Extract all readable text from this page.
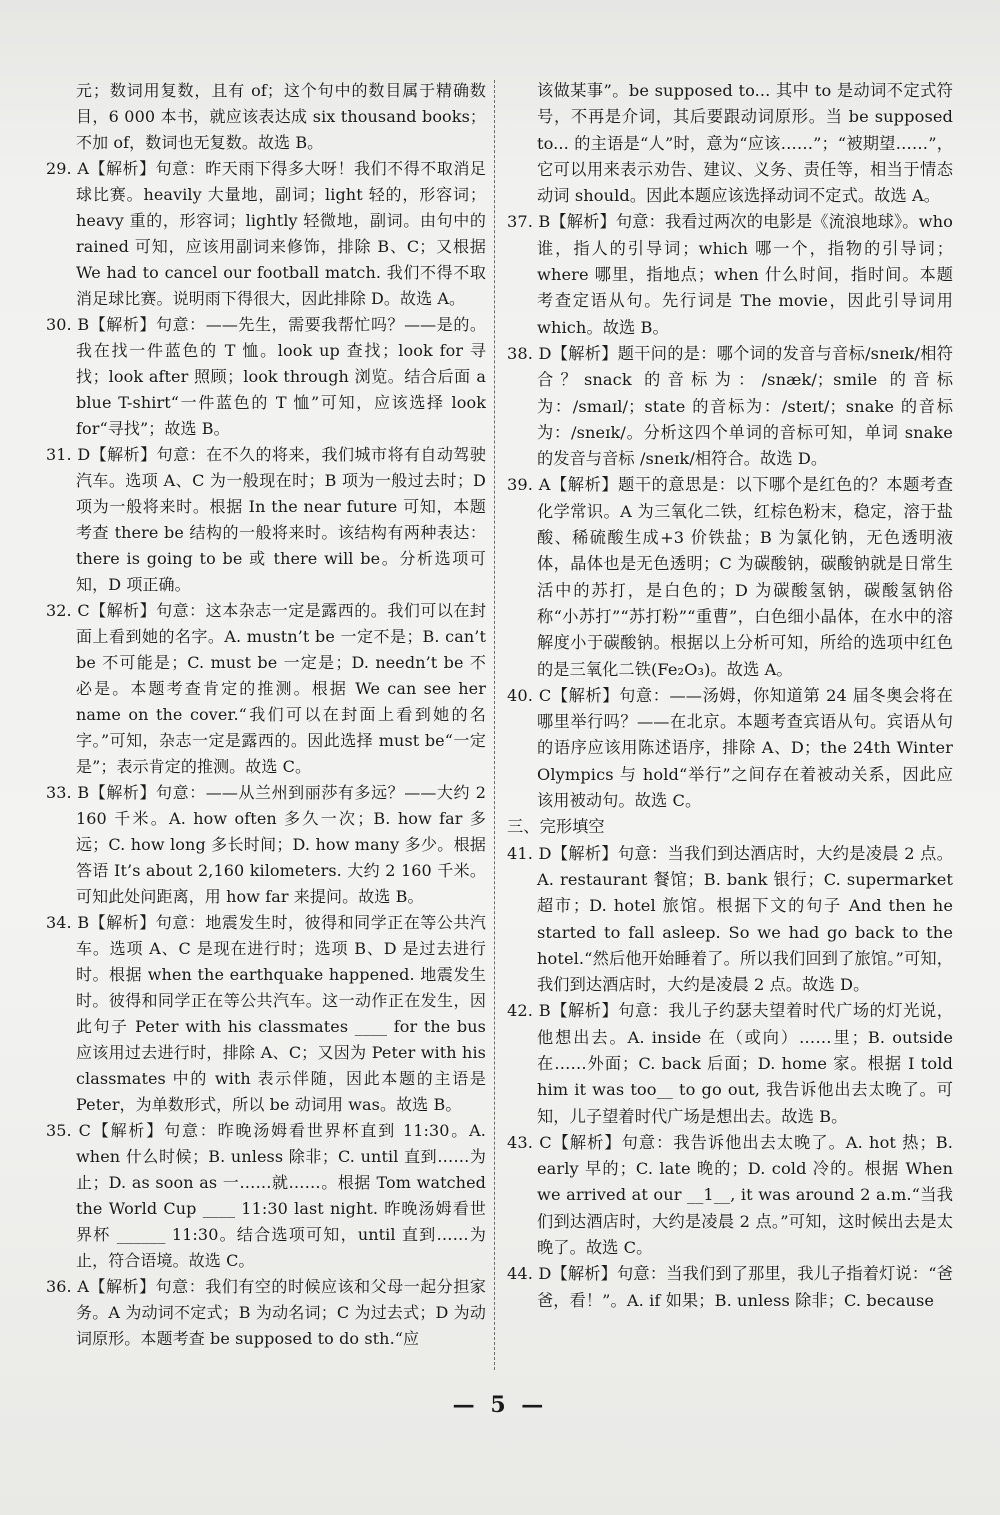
元；数词用复数，且有 of；这个句中的数目属于精确数目，6 000 本书，就应该表达成 six thousand books；不加 of，数词也无复数。故选 B。

29. A【解析】句意：昨天雨下得多大呀！我们不得不取消足球比赛。heavily 大量地，副词；light 轻的，形容词；heavy 重的，形容词；lightly 轻微地，副词。由句中的 rained 可知，应该用副词来修饰，排除 B、C；又根据 We had to cancel our football match. 我们不得不取消足球比赛。说明雨下得很大，因此排除 D。故选 A。

30. B【解析】句意：——先生，需要我帮忙吗？——是的。我在找一件蓝色的 T 恤。look up 查找；look for 寻找；look after 照顾；look through 浏览。结合后面 a blue T-shirt“一件蓝色的 T 恤”可知，应该选择 look for“寻找”；故选 B。

31. D【解析】句意：在不久的将来，我们城市将有自动驾驶汽车。选项 A、C 为一般现在时；B 项为一般过去时；D 项为一般将来时。根据 In the near future 可知，本题考查 there be 结构的一般将来时。该结构有两种表达：there is going to be 或 there will be。分析选项可知，D 项正确。

32. C【解析】句意：这本杂志一定是露西的。我们可以在封面上看到她的名字。A. mustn’t be 一定不是；B. can’t be 不可能是；C. must be 一定是；D. needn’t be 不必是。本题考查肯定的推测。根据 We can see her name on the cover.“我们可以在封面上看到她的名字。”可知，杂志一定是露西的。因此选择 must be“一定是”；表示肯定的推测。故选 C。

33. B【解析】句意：——从兰州到丽莎有多远？——大约 2 160 千米。A. how often 多久一次；B. how far 多远；C. how long 多长时间；D. how many 多少。根据答语 It’s about 2,160 kilometers. 大约 2 160 千米。可知此处问距离，用 how far 来提问。故选 B。

34. B【解析】句意：地震发生时，彼得和同学正在等公共汽车。选项 A、C 是现在进行时；选项 B、D 是过去进行时。根据 when the earthquake happened. 地震发生时。彼得和同学正在等公共汽车。这一动作正在发生，因此句子 Peter with his classmates ____ for the bus 应该用过去进行时，排除 A、C；又因为 Peter with his classmates 中的 with 表示伴随，因此本题的主语是 Peter，为单数形式，所以 be 动词用 was。故选 B。

35. C【解析】句意：昨晚汤姆看世界杯直到 11:30。A. when 什么时候；B. unless 除非；C. until 直到……为止；D. as soon as 一……就……。根据 Tom watched the World Cup ____ 11:30 last night. 昨晚汤姆看世界杯 ______ 11:30。结合选项可知，until 直到……为止，符合语境。故选 C。

36. A【解析】句意：我们有空的时候应该和父母一起分担家务。A 为动词不定式；B 为动名词；C 为过去式；D 为动词原形。本题考查 be supposed to do sth.“应

该做某事”。be supposed to... 其中 to 是动词不定式符号，不再是介词，其后要跟动词原形。当 be supposed to... 的主语是“人”时，意为“应该……”；“被期望……”，它可以用来表示劝告、建议、义务、责任等，相当于情态动词 should。因此本题应该选择动词不定式。故选 A。

37. B【解析】句意：我看过两次的电影是《流浪地球》。who 谁，指人的引导词；which 哪一个，指物的引导词；where 哪里，指地点；when 什么时间，指时间。本题考查定语从句。先行词是 The movie，因此引导词用 which。故选 B。

38. D【解析】题干问的是：哪个词的发音与音标/sneɪk/相符合？snack 的音标为：/snæk/；smile 的音标为：/smaɪl/；state 的音标为：/steɪt/；snake 的音标为：/sneɪk/。分析这四个单词的音标可知，单词 snake 的发音与音标 /sneɪk/相符合。故选 D。

39. A【解析】题干的意思是：以下哪个是红色的？本题考查化学常识。A 为三氧化二铁，红棕色粉末，稳定，溶于盐酸、稀硫酸生成+3 价铁盐；B 为氯化钠，无色透明液体，晶体也是无色透明；C 为碳酸钠，碳酸钠就是日常生活中的苏打，是白色的；D 为碳酸氢钠，碳酸氢钠俗称“小苏打”“苏打粉”“重曹”，白色细小晶体，在水中的溶解度小于碳酸钠。根据以上分析可知，所给的选项中红色的是三氧化二铁(Fe₂O₃)。故选 A。

40. C【解析】句意：——汤姆，你知道第 24 届冬奥会将在哪里举行吗？——在北京。本题考查宾语从句。宾语从句的语序应该用陈述语序，排除 A、D；the 24th Winter Olympics 与 hold“举行”之间存在着被动关系，因此应该用被动句。故选 C。

三、完形填空

41. D【解析】句意：当我们到达酒店时，大约是凌晨 2 点。A. restaurant 餐馆；B. bank 银行；C. supermarket 超市；D. hotel 旅馆。根据下文的句子 And then he started to fall asleep. So we had go back to the hotel.“然后他开始睡着了。所以我们回到了旅馆。”可知，我们到达酒店时，大约是凌晨 2 点。故选 D。

42. B【解析】句意：我儿子约瑟夫望着时代广场的灯光说，他想出去。A. inside 在（或向）……里；B. outside 在……外面；C. back 后面；D. home 家。根据 I told him it was too__ to go out, 我告诉他出去太晚了。可知，儿子望着时代广场是想出去。故选 B。

43. C【解析】句意：我告诉他出去太晚了。A. hot 热；B. early 早的；C. late 晚的；D. cold 冷的。根据 When we arrived at our __1__, it was around 2 a.m.“当我们到达酒店时，大约是凌晨 2 点。”可知，这时候出去是太晚了。故选 C。

44. D【解析】句意：当我们到了那里，我儿子指着灯说：“爸爸，看！”。A. if 如果；B. unless 除非；C. because

— 5 —
